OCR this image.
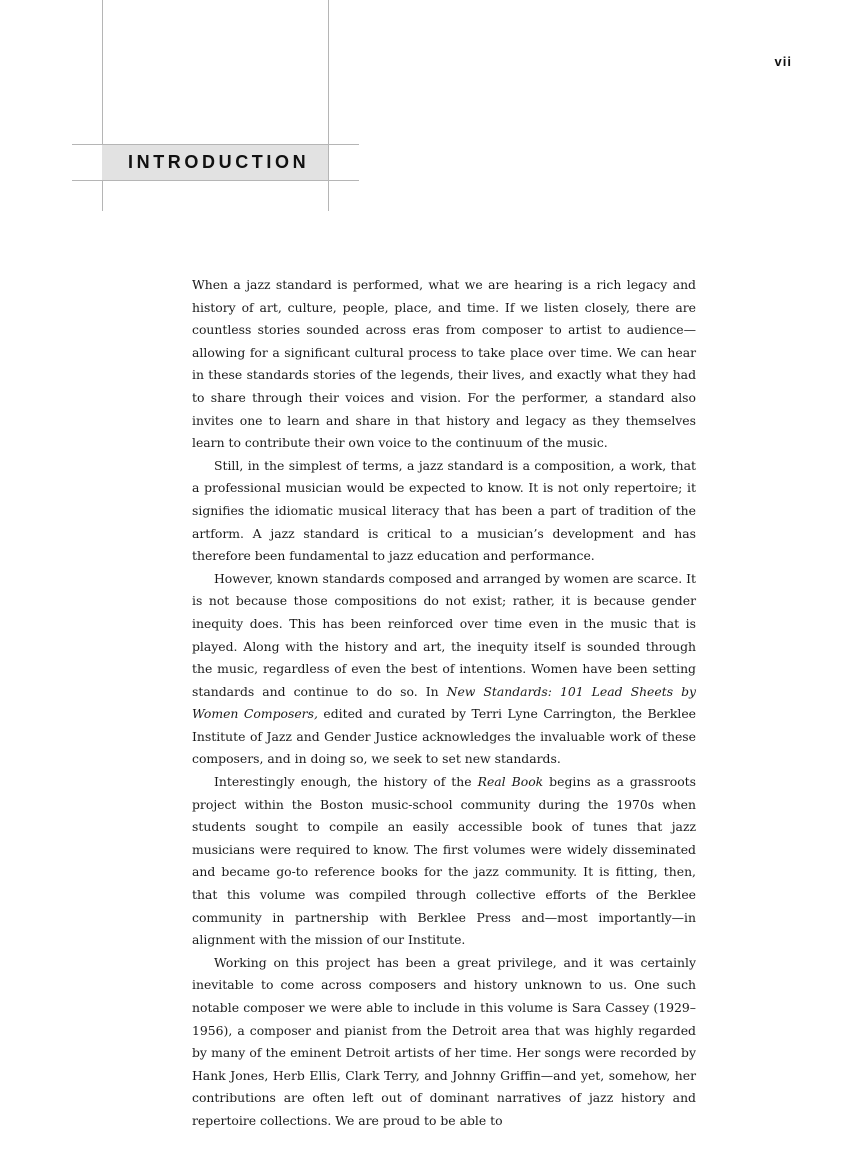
vii
INTRODUCTION

When a jazz standard is performed, what we are hearing is a rich legacy and history of art, culture, people, place, and time. If we listen closely, there are countless stories sounded across eras from composer to artist to audience—allowing for a significant cultural process to take place over time. We can hear in these standards stories of the legends, their lives, and exactly what they had to share through their voices and vision. For the performer, a standard also invites one to learn and share in that history and legacy as they themselves learn to contribute their own voice to the continuum of the music.

Still, in the simplest of terms, a jazz standard is a composition, a work, that a professional musician would be expected to know. It is not only repertoire; it signifies the idiomatic musical literacy that has been a part of tradition of the artform. A jazz standard is critical to a musician’s development and has therefore been fundamental to jazz education and performance.

However, known standards composed and arranged by women are scarce. It is not because those compositions do not exist; rather, it is because gender inequity does. This has been reinforced over time even in the music that is played. Along with the history and art, the inequity itself is sounded through the music, regardless of even the best of intentions. Women have been setting standards and continue to do so. In New Standards: 101 Lead Sheets by Women Composers, edited and curated by Terri Lyne Carrington, the Berklee Institute of Jazz and Gender Justice acknowledges the invaluable work of these composers, and in doing so, we seek to set new standards.

Interestingly enough, the history of the Real Book begins as a grassroots project within the Boston music-school community during the 1970s when students sought to compile an easily accessible book of tunes that jazz musicians were required to know. The first volumes were widely disseminated and became go-to reference books for the jazz community. It is fitting, then, that this volume was compiled through collective efforts of the Berklee community in partnership with Berklee Press and—most importantly—in alignment with the mission of our Institute.

Working on this project has been a great privilege, and it was certainly inevitable to come across composers and history unknown to us. One such notable composer we were able to include in this volume is Sara Cassey (1929–1956), a composer and pianist from the Detroit area that was highly regarded by many of the eminent Detroit artists of her time. Her songs were recorded by Hank Jones, Herb Ellis, Clark Terry, and Johnny Griffin—and yet, somehow, her contributions are often left out of dominant narratives of jazz history and repertoire collections. We are proud to be able to
